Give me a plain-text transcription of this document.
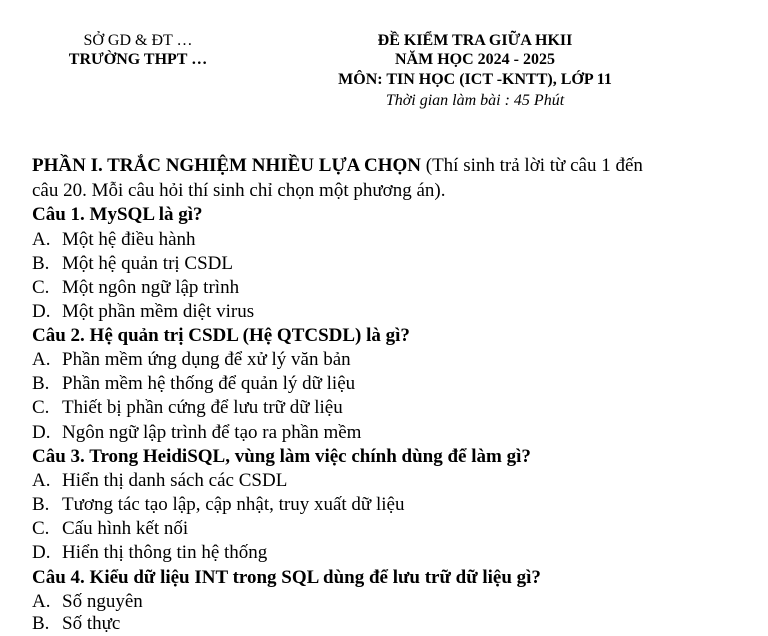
SỞ GD & ĐT …
TRƯỜNG THPT …
ĐỀ KIỂM TRA GIỮA HKII
NĂM HỌC 2024 - 2025
MÔN: TIN HỌC (ICT -KNTT), LỚP 11
Thời gian làm bài : 45 Phút
PHẦN I. TRẮC NGHIỆM NHIỀU LỰA CHỌN (Thí sinh trả lời từ câu 1 đến
câu 20. Mỗi câu hỏi thí sinh chỉ chọn một phương án).
Câu 1. MySQL là gì?
A. Một hệ điều hành
B. Một hệ quản trị CSDL
C. Một ngôn ngữ lập trình
D. Một phần mềm diệt virus
Câu 2. Hệ quản trị CSDL (Hệ QTCSDL) là gì?
A. Phần mềm ứng dụng để xử lý văn bản
B. Phần mềm hệ thống để quản lý dữ liệu
C. Thiết bị phần cứng để lưu trữ dữ liệu
D. Ngôn ngữ lập trình để tạo ra phần mềm
Câu 3. Trong HeidiSQL, vùng làm việc chính dùng để làm gì?
A. Hiển thị danh sách các CSDL
B. Tương tác tạo lập, cập nhật, truy xuất dữ liệu
C. Cấu hình kết nối
D. Hiển thị thông tin hệ thống
Câu 4. Kiểu dữ liệu INT trong SQL dùng để lưu trữ dữ liệu gì?
A. Số nguyên
B. Số thực
